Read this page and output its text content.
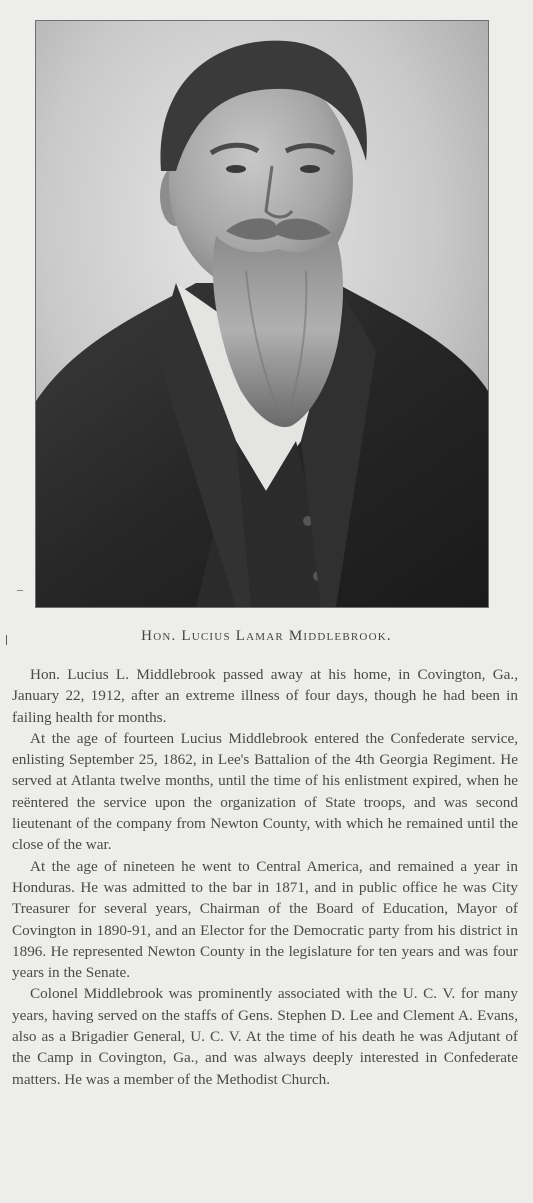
Hon. Lucius Lamar Middlebrook.

Hon. Lucius L. Middlebrook passed away at his home, in Covington, Ga., January 22, 1912, after an extreme illness of four days, though he had been in failing health for months.

At the age of fourteen Lucius Middlebrook entered the Confederate service, enlisting September 25, 1862, in Lee's Battalion of the 4th Georgia Regiment. He served at Atlanta twelve months, until the time of his enlistment expired, when he reëntered the service upon the organization of State troops, and was second lieutenant of the company from Newton County, with which he remained until the close of the war.

At the age of nineteen he went to Central America, and remained a year in Honduras. He was admitted to the bar in 1871, and in public office he was City Treasurer for several years, Chairman of the Board of Education, Mayor of Covington in 1890-91, and an Elector for the Democratic party from his district in 1896. He represented Newton County in the legislature for ten years and was four years in the Senate.

Colonel Middlebrook was prominently associated with the U. C. V. for many years, having served on the staffs of Gens. Stephen D. Lee and Clement A. Evans, also as a Brigadier General, U. C. V. At the time of his death he was Adjutant of the Camp in Covington, Ga., and was always deeply interested in Confederate matters. He was a member of the Methodist Church.
